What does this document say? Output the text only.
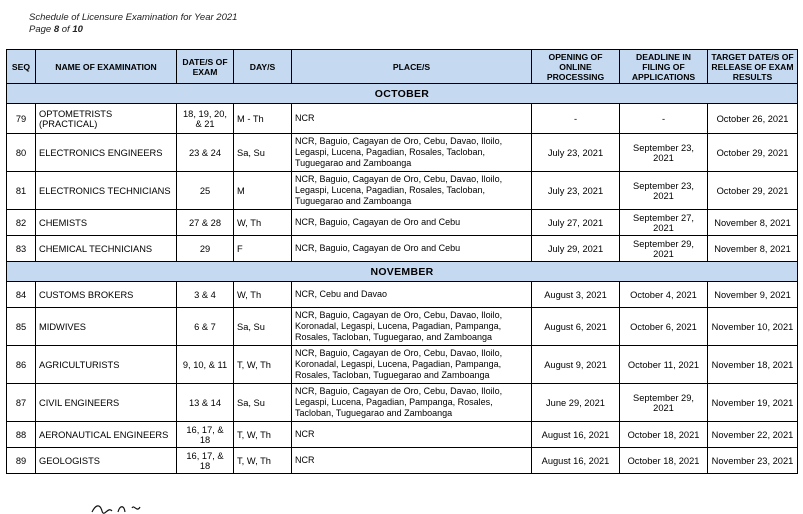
Schedule of Licensure Examination for Year 2021
Page 8 of 10
SEQ	NAME OF EXAMINATION	DATE/S OF EXAM	DAY/S	PLACE/S	OPENING OF ONLINE PROCESSING	DEADLINE IN FILING OF APPLICATIONS	TARGET DATE/S OF RELEASE OF EXAM RESULTS
OCTOBER							
79	OPTOMETRISTS (PRACTICAL)	18, 19, 20, & 21	M - Th	NCR	-	-	October 26, 2021
80	ELECTRONICS ENGINEERS	23 & 24	Sa, Su	NCR, Baguio, Cagayan de Oro, Cebu, Davao, Iloilo, Legaspi, Lucena, Pagadian, Rosales, Tacloban, Tuguegarao and Zamboanga	July 23, 2021	September 23, 2021	October 29, 2021
81	ELECTRONICS TECHNICIANS	25	M	NCR, Baguio, Cagayan de Oro, Cebu, Davao, Iloilo, Legaspi, Lucena, Pagadian, Rosales, Tacloban, Tuguegarao and Zamboanga	July 23, 2021	September 23, 2021	October 29, 2021
82	CHEMISTS	27 & 28	W, Th	NCR, Baguio, Cagayan de Oro and Cebu	July 27, 2021	September 27, 2021	November 8, 2021
83	CHEMICAL TECHNICIANS	29	F	NCR, Baguio, Cagayan de Oro and Cebu	July 29, 2021	September 29, 2021	November 8, 2021
NOVEMBER							
84	CUSTOMS BROKERS	3 & 4	W, Th	NCR, Cebu and Davao	August 3, 2021	October 4, 2021	November 9, 2021
85	MIDWIVES	6 & 7	Sa, Su	NCR, Baguio, Cagayan de Oro, Cebu, Davao, Iloilo, Koronadal, Legaspi, Lucena, Pagadian, Pampanga, Rosales, Tacloban, Tuguegarao, and Zamboanga	August 6, 2021	October 6, 2021	November 10, 2021
86	AGRICULTURISTS	9, 10, & 11	T, W, Th	NCR, Baguio, Cagayan de Oro, Cebu, Davao, Iloilo, Koronadal, Legaspi, Lucena, Pagadian, Pampanga, Rosales, Tacloban, Tuguegarao and Zamboanga	August 9, 2021	October 11, 2021	November 18, 2021
87	CIVIL ENGINEERS	13 & 14	Sa, Su	NCR, Baguio, Cagayan de Oro, Cebu, Davao, Iloilo, Legaspi, Lucena, Pagadian, Pampanga, Rosales, Tacloban, Tuguegarao and Zamboanga	June 29, 2021	September 29, 2021	November 19, 2021
88	AERONAUTICAL ENGINEERS	16, 17, & 18	T, W, Th	NCR	August 16, 2021	October 18, 2021	November 22, 2021
89	GEOLOGISTS	16, 17, & 18	T, W, Th	NCR	August 16, 2021	October 18, 2021	November 23, 2021
